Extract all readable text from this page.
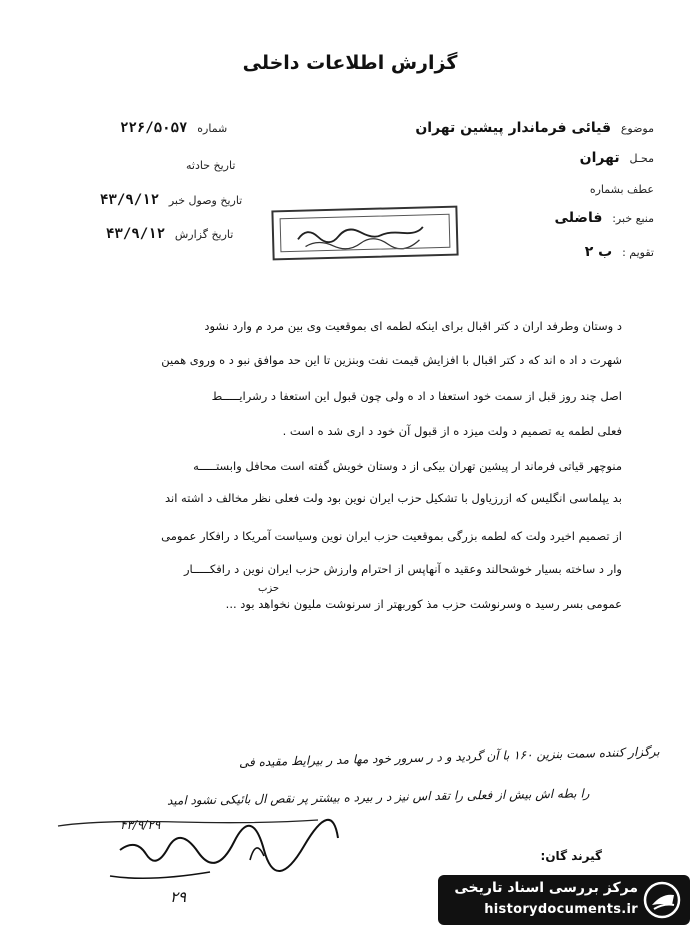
گزارش اطلاعات داخلی
شماره ۲۲۶/۵۰۵۷
تاریخ حادثه
تاریخ وصول خبر ۴۳/۹/۱۲
تاریخ گزارش ۴۳/۹/۱۲
موضوع قیائی فرماندار پیشین تهران
محـل تهران
عطف بشماره
منبع خبر: فاضلی
تقویم : ب ۲
د وستان وطرفد اران د کتر اقبال برای اینکه لطمه ای بموقعیت وی بین مرد م وارد نشود
شهرت د اد ه اند که د کتر اقبال با افزایش قیمت نفت وبنزین تا این حد موافق نبو د ه وروی همین
اصل چند روز قبل از سمت خود استعفا د اد ه ولی چون قبول این استعفا د رشرایـــــط
فعلی لطمه یه تصمیم د ولت میزد ه از قبول آن خود د اری شد ه است .
منوچهر قیاتی فرماند ار پیشین تهران بیکی از د وستان خویش گفته است محافل وابستـــــه
بد یپلماسی انگلیس که ازرزیاول با تشکیل حزب ایران نوین بود ولت فعلی نظر مخالف د اشته اند
از تصمیم اخیرد ولت که لطمه بزرگی بموقعیت حزب ایران نوین وسیاست آمریکا د رافکار عمومی
وار د ساخته بسیار خوشحالند وعقید ه آنهاپس از احترام وارزش حزب ایران نوین د رافکـــــار
حزب
عمومی بسر رسید ه وسرنوشت حزب مذ کوربهتر از سرنوشت ملیون نخواهد بود ...
برگزار کننده سمت بنزین ۱۶۰ با آن گردید و د ر سرور خود مها مد ر بیرایط مقیده فی
را بطه اش بیش از فعلی را تقد اس نیز د ر بیرد ه بیشتر پر نقص ال بائیکی نشود امید
۴۳/۹/۲۹
گیرند گان:
۲۹	مرکز بررسی اسناد تاریخی
historydocuments.ir
